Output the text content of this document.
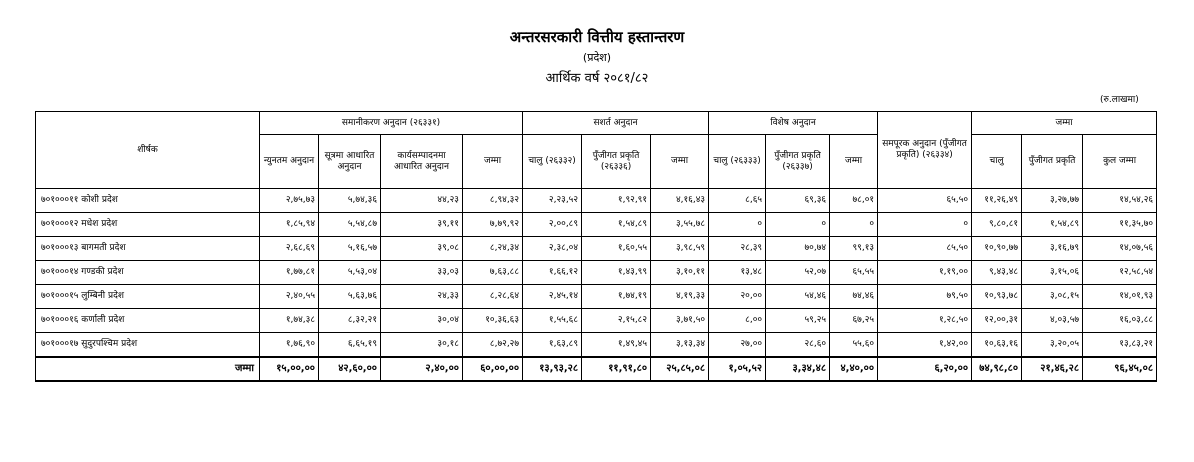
अन्तरसरकारी वित्तीय हस्तान्तरण
(प्रदेश)
आर्थिक वर्ष २०८१/८२
(रु.लाखमा)
शीर्षक	समानीकरण अनुदान (२६३३१)				सशर्त अनुदान			विशेष अनुदान			समपूरक अनुदान (पुँजीगत प्रकृति) (२६३३४)	जम्मा		
	न्युनतम अनुदान	सूत्रमा आधारित अनुदान	कार्यसम्पादनमा आधारित अनुदान	जम्मा	चालु (२६३३२)	पुँजीगत प्रकृति (२६३३६)	जम्मा	चालु (२६३३३)	पुँजीगत प्रकृति (२६३३७)	जम्मा		चालु	पुँजीगत प्रकृति	कुल जम्मा
७०१०००११ कोशी प्रदेश	२,७५,७३	५,७४,३६	४४,२३	८,९४,३२	२,२३,५२	१,९२,९१	४,१६,४३	८,६५	६९,३६	७८,०१	६५,५०	११,२६,४९	३,२७,७७	१४,५४,२६
७०१०००१२ मधेश प्रदेश	१,८५,९४	५,५४,८७	३९,११	७,७९,९२	२,००,८९	१,५४,८९	३,५५,७८	०	०	०	०	९,८०,८१	१,५४,८९	११,३५,७०
७०१०००१३ बागमती प्रदेश	२,६८,६९	५,१६,५७	३९,०८	८,२४,३४	२,३८,०४	१,६०,५५	३,९८,५९	२८,३९	७०,७४	९९,१३	८५,५०	१०,९०,७७	३,१६,७९	१४,०७,५६
७०१०००१४ गण्डकी प्रदेश	१,७७,८१	५,५३,०४	३३,०३	७,६३,८८	१,६६,१२	१,४३,९९	३,१०,११	१३,४८	५२,०७	६५,५५	१,१९,००	९,४३,४८	३,१५,०६	१२,५८,५४
७०१०००१५ लुम्बिनी प्रदेश	२,४०,५५	५,६३,७६	२४,३३	८,२८,६४	२,४५,१४	१,७४,१९	४,१९,३३	२०,००	५४,४६	७४,४६	७९,५०	१०,९३,७८	३,०८,१५	१४,०१,९३
७०१०००१६ कर्णाली प्रदेश	१,७४,३८	८,३२,२१	३०,०४	१०,३६,६३	१,५५,६८	२,१५,८२	३,७१,५०	८,००	५९,२५	६७,२५	१,२८,५०	१२,००,३१	४,०३,५७	१६,०३,८८
७०१०००१७ सुदुरपश्चिम प्रदेश	१,७६,९०	६,६५,१९	३०,१८	८,७२,२७	१,६३,८९	१,४९,४५	३,१३,३४	२७,००	२८,६०	५५,६०	१,४२,००	१०,६३,१६	३,२०,०५	१३,८३,२१
जम्मा	१५,००,००	४२,६०,००	२,४०,००	६०,००,००	१३,९३,२८	११,९१,८०	२५,८५,०८	१,०५,५२	३,३४,४८	४,४०,००	६,२०,००	७४,९८,८०	२१,४६,२८	९६,४५,०८
